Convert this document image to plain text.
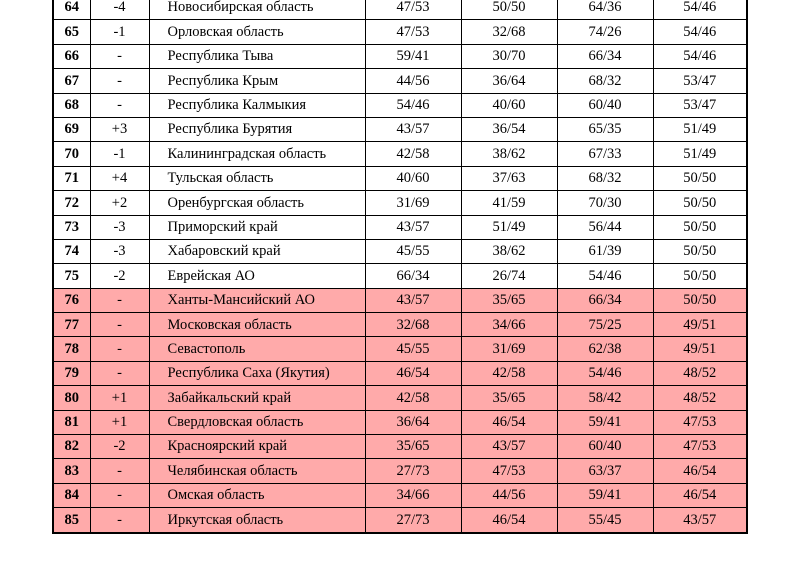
64	-4	Новосибирская область	47/53	50/50	64/36	54/46
65	-1	Орловская область	47/53	32/68	74/26	54/46
66	-	Республика Тыва	59/41	30/70	66/34	54/46
67	-	Республика Крым	44/56	36/64	68/32	53/47
68	-	Республика Калмыкия	54/46	40/60	60/40	53/47
69	+3	Республика Бурятия	43/57	36/54	65/35	51/49
70	-1	Калининградская область	42/58	38/62	67/33	51/49
71	+4	Тульская область	40/60	37/63	68/32	50/50
72	+2	Оренбургская область	31/69	41/59	70/30	50/50
73	-3	Приморский край	43/57	51/49	56/44	50/50
74	-3	Хабаровский край	45/55	38/62	61/39	50/50
75	-2	Еврейская АО	66/34	26/74	54/46	50/50
76	-	Ханты-Мансийский АО	43/57	35/65	66/34	50/50
77	-	Московская область	32/68	34/66	75/25	49/51
78	-	Севастополь	45/55	31/69	62/38	49/51
79	-	Республика Саха (Якутия)	46/54	42/58	54/46	48/52
80	+1	Забайкальский край	42/58	35/65	58/42	48/52
81	+1	Свердловская область	36/64	46/54	59/41	47/53
82	-2	Красноярский край	35/65	43/57	60/40	47/53
83	-	Челябинская область	27/73	47/53	63/37	46/54
84	-	Омская область	34/66	44/56	59/41	46/54
85	-	Иркутская область	27/73	46/54	55/45	43/57
